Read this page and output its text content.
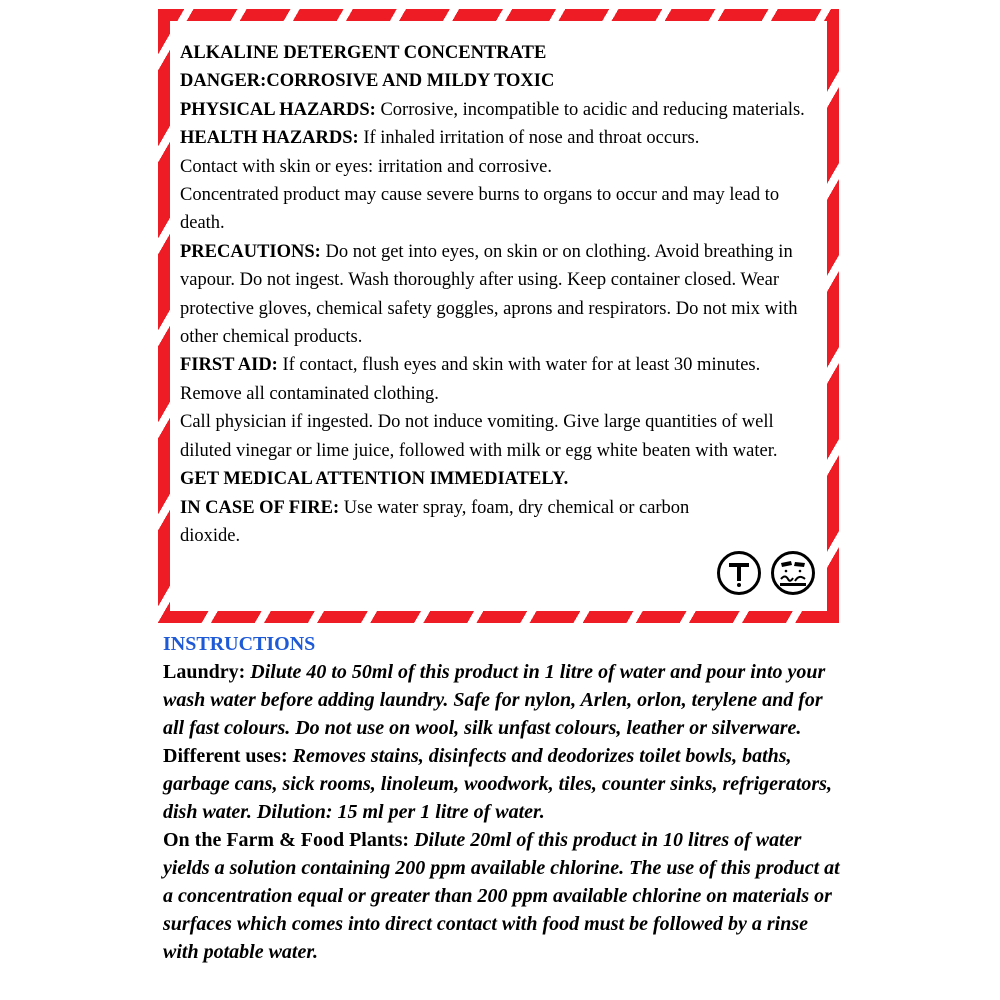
ALKALINE DETERGENT CONCENTRATE

DANGER:CORROSIVE AND MILDY TOXIC

PHYSICAL HAZARDS: Corrosive, incompatible to acidic and reducing materials.

HEALTH HAZARDS: If inhaled irritation of nose and throat occurs.

Contact with skin or eyes: irritation and corrosive.

Concentrated product may cause severe burns to organs to occur and may lead to death.

PRECAUTIONS: Do not get into eyes, on skin or on clothing. Avoid breathing in vapour. Do not ingest. Wash thoroughly after using. Keep container closed. Wear protective gloves, chemical safety goggles, aprons and respirators. Do not mix with other chemical products.

FIRST AID: If contact, flush eyes and skin with water for at least 30 minutes. Remove all contaminated clothing.

Call physician if ingested. Do not induce vomiting. Give large quantities of well diluted vinegar or lime juice, followed with milk or egg white beaten with water.

GET MEDICAL ATTENTION IMMEDIATELY.

IN CASE OF FIRE: Use water spray, foam, dry chemical or carbon dioxide.

INSTRUCTIONS

Laundry: Dilute 40 to 50ml of this product in 1 litre of water and pour into your wash water before adding laundry. Safe for nylon, Arlen, orlon, terylene and for all fast colours. Do not use on wool, silk unfast colours, leather or silverware.

Different uses: Removes stains, disinfects and deodorizes toilet bowls, baths, garbage cans, sick rooms, linoleum, woodwork, tiles, counter sinks, refrigerators, dish water. Dilution: 15 ml per 1 litre of water.

On the Farm & Food Plants: Dilute 20ml of this product in 10 litres of water yields a solution containing 200 ppm available chlorine. The use of this product at a concentration equal or greater than 200 ppm available chlorine on materials or surfaces which comes into direct contact with food must be followed by a rinse with potable water.
